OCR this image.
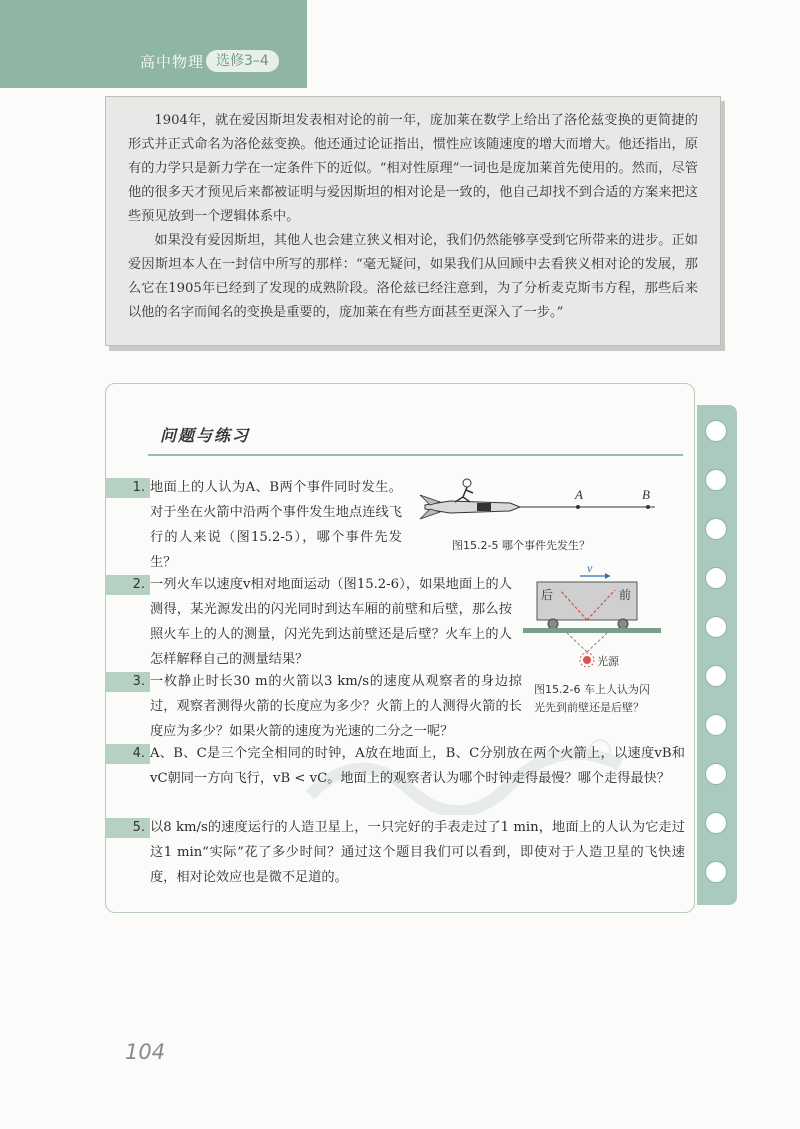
高中物理 选修3–4

1904年，就在爱因斯坦发表相对论的前一年，庞加莱在数学上给出了洛伦兹变换的更简捷的形式并正式命名为洛伦兹变换。他还通过论证指出，惯性应该随速度的增大而增大。他还指出，原有的力学只是新力学在一定条件下的近似。“相对性原理”一词也是庞加莱首先使用的。然而，尽管他的很多天才预见后来都被证明与爱因斯坦的相对论是一致的，他自己却找不到合适的方案来把这些预见放到一个逻辑体系中。

如果没有爱因斯坦，其他人也会建立狭义相对论，我们仍然能够享受到它所带来的进步。正如爱因斯坦本人在一封信中所写的那样：“毫无疑问，如果我们从回顾中去看狭义相对论的发展，那么它在1905年已经到了发现的成熟阶段。洛伦兹已经注意到，为了分析麦克斯韦方程，那些后来以他的名字而闻名的变换是重要的，庞加莱在有些方面甚至更深入了一步。”

问题与练习
1. 地面上的人认为A、B两个事件同时发生。对于坐在火箭中沿两个事件发生地点连线飞行的人来说（图15.2-5），哪个事件先发生？
A	B
图15.2-5 哪个事件先发生？
2. 一列火车以速度v相对地面运动（图15.2-6），如果地面上的人测得，某光源发出的闪光同时到达车厢的前壁和后壁，那么按照火车上的人的测量，闪光先到达前壁还是后壁？火车上的人怎样解释自己的测量结果？
v
后	前
光源
图15.2-6 车上人认为闪
光先到前壁还是后壁？
3. 一枚静止时长30 m的火箭以3 km/s的速度从观察者的身边掠过，观察者测得火箭的长度应为多少？火箭上的人测得火箭的长度应为多少？如果火箭的速度为光速的二分之一呢？
4. A、B、C是三个完全相同的时钟，A放在地面上，B、C分别放在两个火箭上，以速度vB和vC朝同一方向飞行，vB < vC。地面上的观察者认为哪个时钟走得最慢？哪个走得最快？
5. 以8 km/s的速度运行的人造卫星上，一只完好的手表走过了1 min，地面上的人认为它走过这1 min“实际”花了多少时间？通过这个题目我们可以看到，即使对于人造卫星的飞快速度，相对论效应也是微不足道的。
104
